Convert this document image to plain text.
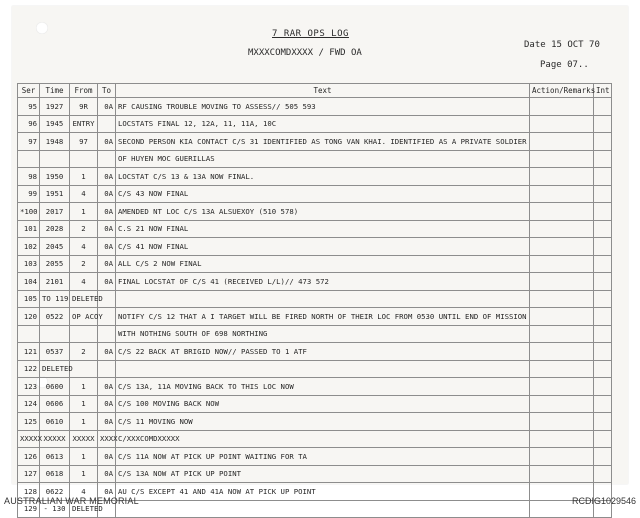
7 RAR OPS LOG
MXXXCOMDXXXX / FWD OA
Date 15 OCT 70
Page 07..
Ser	Time	From	To	Text	Action/Remarks	Int
95	1927	9R	0A	RF CAUSING TROUBLE MOVING TO ASSESS// 505 593		
96	1945	ENTRY		LOCSTATS FINAL 12, 12A, 11, 11A, 10C		
97	1948	97	0A	SECOND PERSON KIA CONTACT C/S 31 IDENTIFIED AS TONG VAN KHAI. IDENTIFIED AS A PRIVATE SOLDIER		
				OF HUYEN MOC GUERILLAS		
98	1950	1	0A	LOCSTAT C/S 13 & 13A NOW FINAL.		
99	1951	4	0A	C/S 43 NOW FINAL		
*100	2017	1	0A	AMENDED NT LOC C/S 13A ALSUEXOY (510 578)		
101	2028	2	0A	C.S 21 NOW FINAL		
102	2045	4	0A	C/S 41 NOW FINAL		
103	2055	2	0A	ALL C/S 2 NOW FINAL		
104	2101	4	0A	FINAL LOCSTAT OF C/S 41 (RECEIVED L/L)// 473 572		
105	TO 119	DELETED				
120	0522	OP ACOY		NOTIFY C/S 12 THAT A I TARGET WILL BE FIRED NORTH OF THEIR LOC FROM 0530 UNTIL END OF MISSION		
				WITH NOTHING SOUTH OF 698 NORTHING		
121	0537	2	0A	C/S 22 BACK AT BRIGID NOW// PASSED TO 1 ATF		
122	DELETED					
123	0600	1	0A	C/S 13A, 11A MOVING BACK TO THIS LOC NOW		
124	0606	1	0A	C/S 100 MOVING BACK NOW		
125	0610	1	0A	C/S 11 MOVING NOW		
XXXXX	XXXXX	XXXXX	XXXX	C/XXXCOMDXXXXX		
126	0613	1	0A	C/S 11A NOW AT PICK UP POINT WAITING FOR TA		
127	0618	1	0A	C/S 13A NOW AT PICK UP POINT		
128	0622	4	0A	AU C/S EXCEPT 41 AND 41A NOW AT PICK UP POINT		
129	- 130	DELETED				
AUSTRALIAN WAR MEMORIAL	RCDIG1029546
